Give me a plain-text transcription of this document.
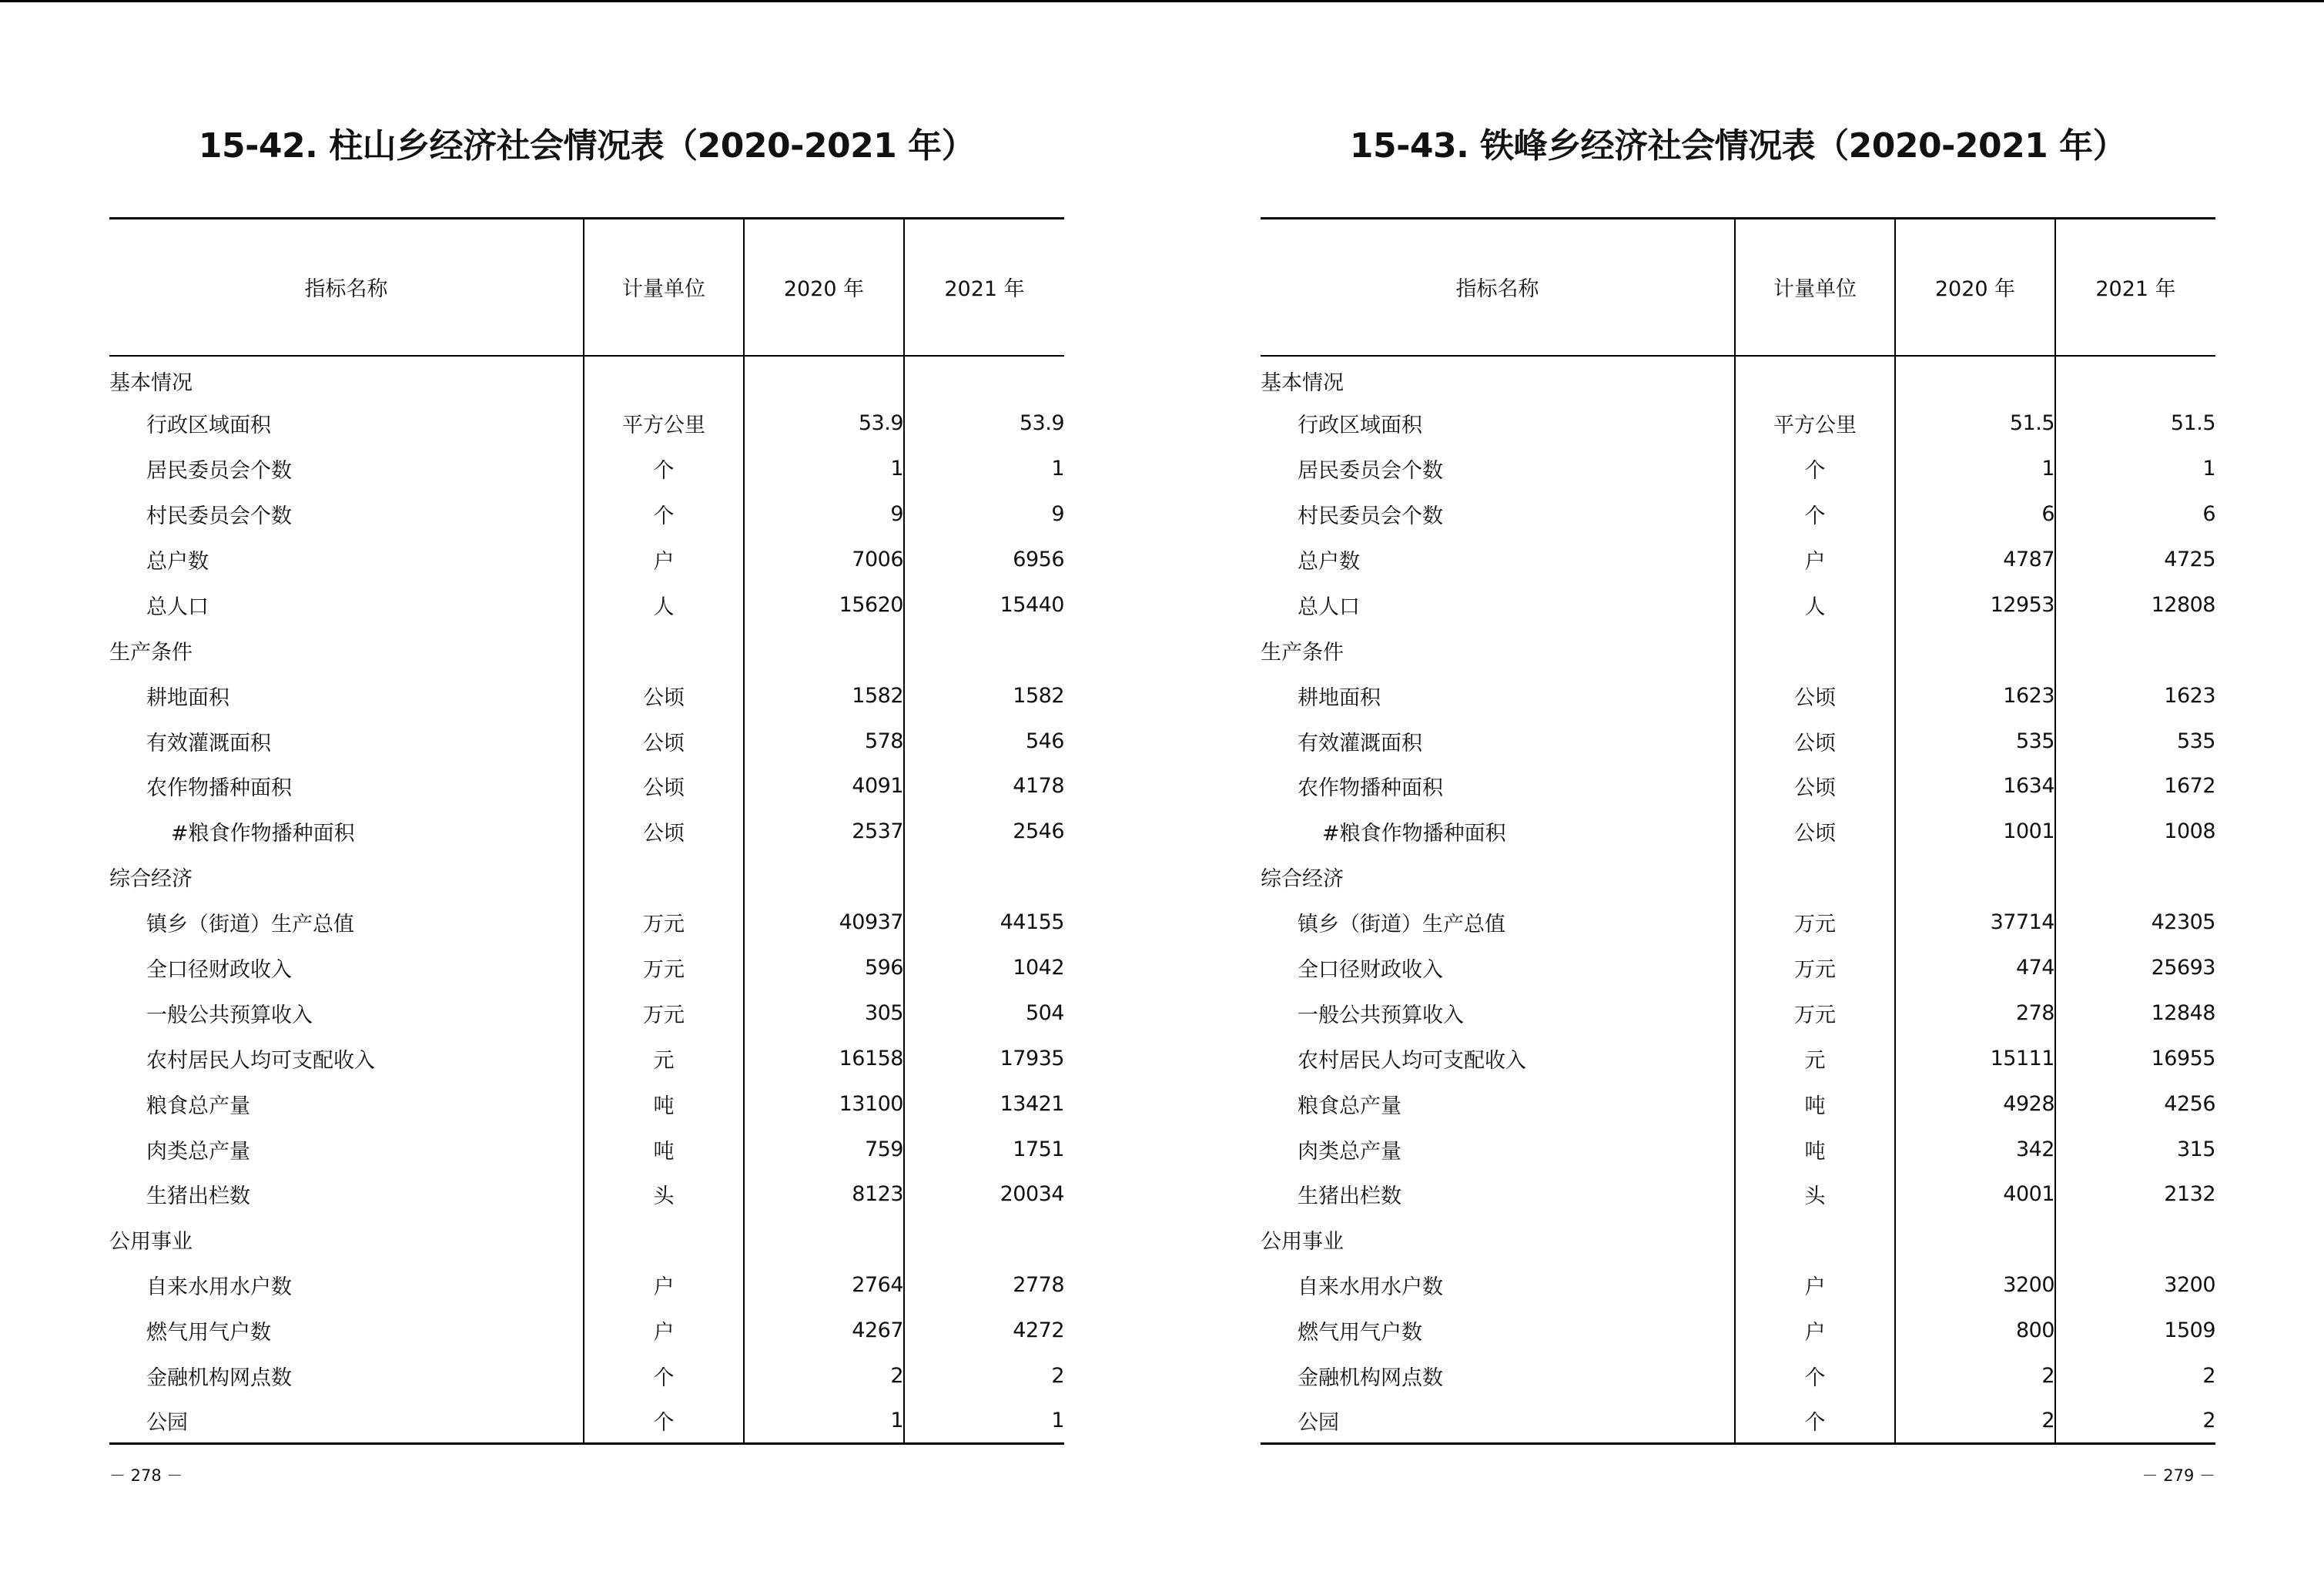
15-42. 柱山乡经济社会情况表（2020-2021 年）
指标名称	计量单位	2020 年	2021 年
基本情况			
行政区域面积	平方公里	53.9	53.9
居民委员会个数	个	1	1
村民委员会个数	个	9	9
总户数	户	7006	6956
总人口	人	15620	15440
生产条件			
耕地面积	公顷	1582	1582
有效灌溉面积	公顷	578	546
农作物播种面积	公顷	4091	4178
#粮食作物播种面积	公顷	2537	2546
综合经济			
镇乡（街道）生产总值	万元	40937	44155
全口径财政收入	万元	596	1042
一般公共预算收入	万元	305	504
农村居民人均可支配收入	元	16158	17935
粮食总产量	吨	13100	13421
肉类总产量	吨	759	1751
生猪出栏数	头	8123	20034
公用事业			
自来水用水户数	户	2764	2778
燃气用气户数	户	4267	4272
金融机构网点数	个	2	2
公园	个	1	1
－ 278 －
15-43. 铁峰乡经济社会情况表（2020-2021 年）
指标名称	计量单位	2020 年	2021 年
基本情况			
行政区域面积	平方公里	51.5	51.5
居民委员会个数	个	1	1
村民委员会个数	个	6	6
总户数	户	4787	4725
总人口	人	12953	12808
生产条件			
耕地面积	公顷	1623	1623
有效灌溉面积	公顷	535	535
农作物播种面积	公顷	1634	1672
#粮食作物播种面积	公顷	1001	1008
综合经济			
镇乡（街道）生产总值	万元	37714	42305
全口径财政收入	万元	474	25693
一般公共预算收入	万元	278	12848
农村居民人均可支配收入	元	15111	16955
粮食总产量	吨	4928	4256
肉类总产量	吨	342	315
生猪出栏数	头	4001	2132
公用事业			
自来水用水户数	户	3200	3200
燃气用气户数	户	800	1509
金融机构网点数	个	2	2
公园	个	2	2
－ 279 －
